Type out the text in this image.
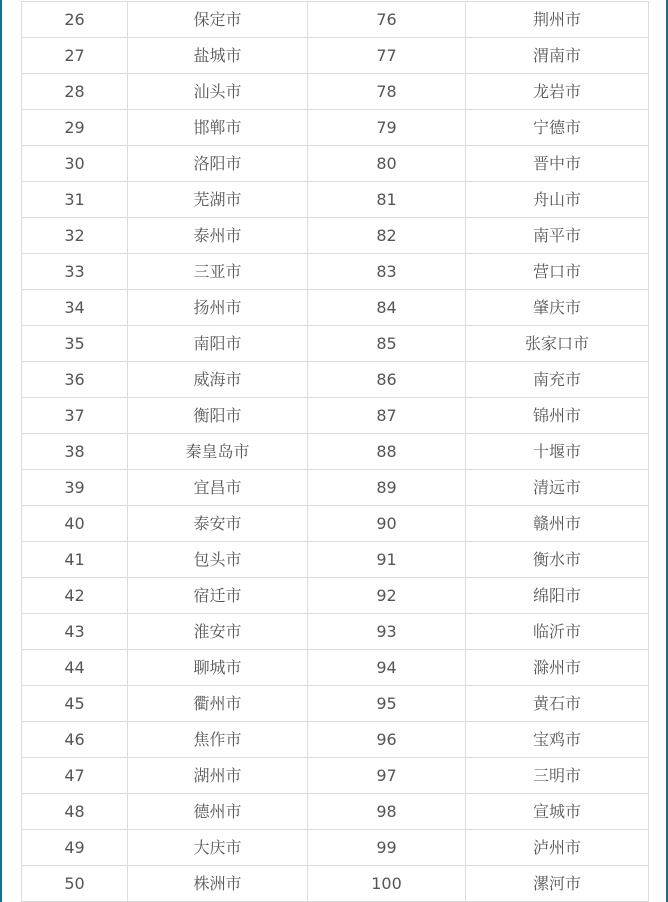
26	保定市	76	荆州市
27	盐城市	77	渭南市
28	汕头市	78	龙岩市
29	邯郸市	79	宁德市
30	洛阳市	80	晋中市
31	芜湖市	81	舟山市
32	泰州市	82	南平市
33	三亚市	83	营口市
34	扬州市	84	肇庆市
35	南阳市	85	张家口市
36	威海市	86	南充市
37	衡阳市	87	锦州市
38	秦皇岛市	88	十堰市
39	宜昌市	89	清远市
40	泰安市	90	赣州市
41	包头市	91	衡水市
42	宿迁市	92	绵阳市
43	淮安市	93	临沂市
44	聊城市	94	滁州市
45	衢州市	95	黄石市
46	焦作市	96	宝鸡市
47	湖州市	97	三明市
48	德州市	98	宣城市
49	大庆市	99	泸州市
50	株洲市	100	漯河市
